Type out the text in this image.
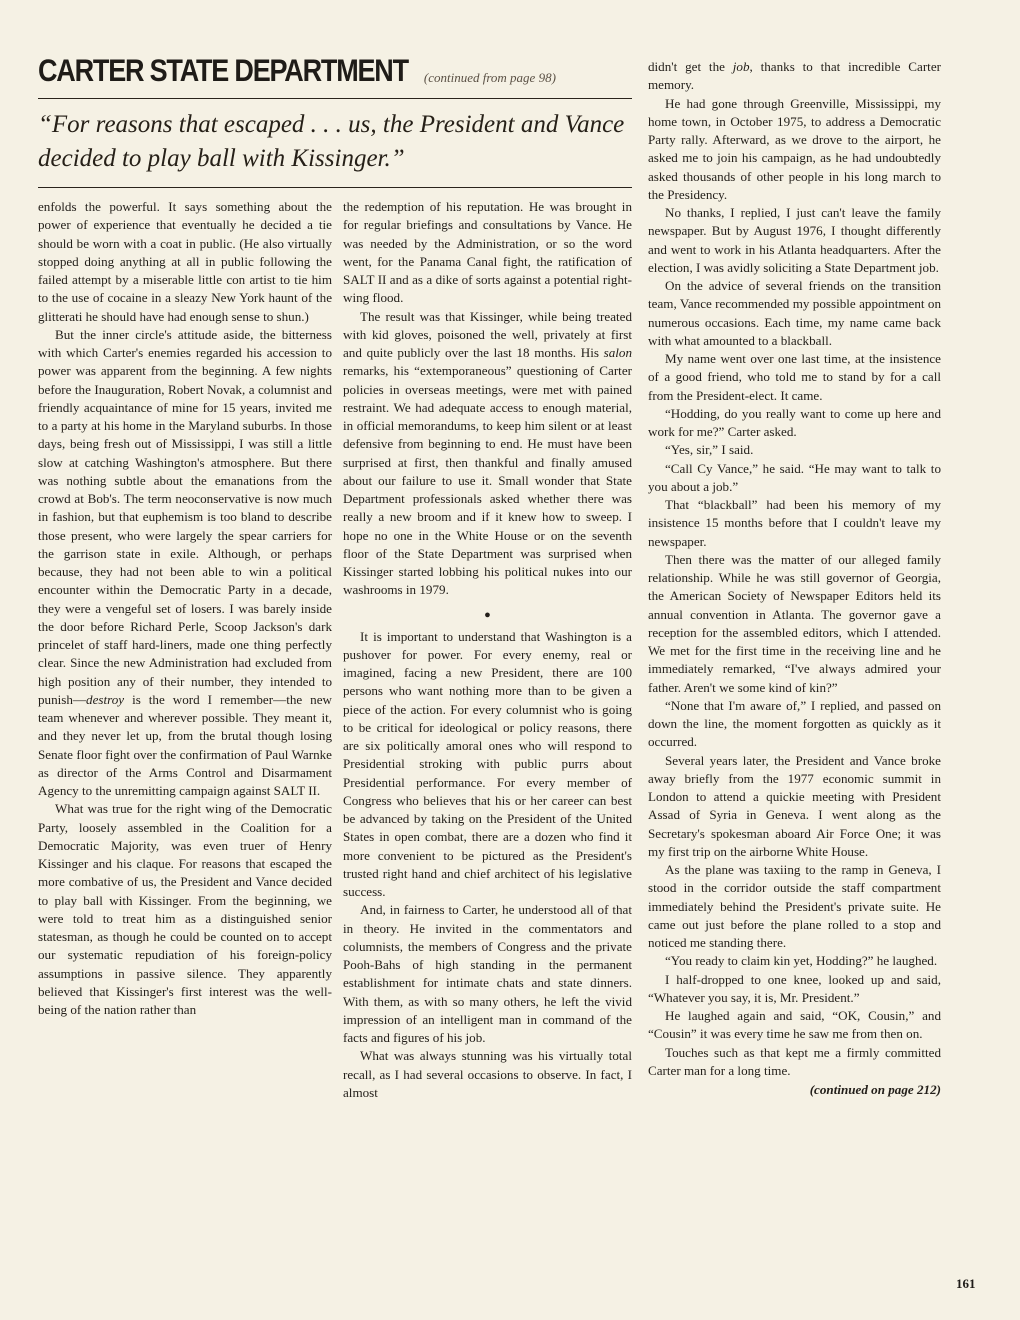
CARTER STATE DEPARTMENT (continued from page 98)
“For reasons that escaped . . . us, the President and Vance decided to play ball with Kissinger.”

enfolds the powerful. It says something about the power of experience that eventually he decided a tie should be worn with a coat in public. (He also virtually stopped doing anything at all in public following the failed attempt by a miserable little con artist to tie him to the use of cocaine in a sleazy New York haunt of the glitterati he should have had enough sense to shun.)

But the inner circle's attitude aside, the bitterness with which Carter's enemies regarded his accession to power was apparent from the beginning. A few nights before the Inauguration, Robert Novak, a columnist and friendly acquaintance of mine for 15 years, invited me to a party at his home in the Maryland suburbs. In those days, being fresh out of Mississippi, I was still a little slow at catching Washington's atmosphere. But there was nothing subtle about the emanations from the crowd at Bob's. The term neoconservative is now much in fashion, but that euphemism is too bland to describe those present, who were largely the spear carriers for the garrison state in exile. Although, or perhaps because, they had not been able to win a political encounter within the Democratic Party in a decade, they were a vengeful set of losers. I was barely inside the door before Richard Perle, Scoop Jackson's dark princelet of staff hard-liners, made one thing perfectly clear. Since the new Administration had excluded from high position any of their number, they intended to punish—destroy is the word I remember—the new team whenever and wherever possible. They meant it, and they never let up, from the brutal though losing Senate floor fight over the confirmation of Paul Warnke as director of the Arms Control and Disarmament Agency to the unremitting campaign against SALT II.

What was true for the right wing of the Democratic Party, loosely assembled in the Coalition for a Democratic Majority, was even truer of Henry Kissinger and his claque. For reasons that escaped the more combative of us, the President and Vance decided to play ball with Kissinger. From the beginning, we were told to treat him as a distinguished senior statesman, as though he could be counted on to accept our systematic repudiation of his foreign-policy assumptions in passive silence. They apparently believed that Kissinger's first interest was the well-being of the nation rather than

the redemption of his reputation. He was brought in for regular briefings and consultations by Vance. He was needed by the Administration, or so the word went, for the Panama Canal fight, the ratification of SALT II and as a dike of sorts against a potential right-wing flood.

The result was that Kissinger, while being treated with kid gloves, poisoned the well, privately at first and quite publicly over the last 18 months. His salon remarks, his “extemporaneous” questioning of Carter policies in overseas meetings, were met with pained restraint. We had adequate access to enough material, in official memorandums, to keep him silent or at least defensive from beginning to end. He must have been surprised at first, then thankful and finally amused about our failure to use it. Small wonder that State Department professionals asked whether there was really a new broom and if it knew how to sweep. I hope no one in the White House or on the seventh floor of the State Department was surprised when Kissinger started lobbing his political nukes into our washrooms in 1979.

●

It is important to understand that Washington is a pushover for power. For every enemy, real or imagined, facing a new President, there are 100 persons who want nothing more than to be given a piece of the action. For every columnist who is going to be critical for ideological or policy reasons, there are six politically amoral ones who will respond to Presidential stroking with public purrs about Presidential performance. For every member of Congress who believes that his or her career can best be advanced by taking on the President of the United States in open combat, there are a dozen who find it more convenient to be pictured as the President's trusted right hand and chief architect of his legislative success.

And, in fairness to Carter, he understood all of that in theory. He invited in the commentators and columnists, the members of Congress and the private Pooh-Bahs of high standing in the permanent establishment for intimate chats and state dinners. With them, as with so many others, he left the vivid impression of an intelligent man in command of the facts and figures of his job.

What was always stunning was his virtually total recall, as I had several occasions to observe. In fact, I almost

didn't get the job, thanks to that incredible Carter memory.

He had gone through Greenville, Mississippi, my home town, in October 1975, to address a Democratic Party rally. Afterward, as we drove to the airport, he asked me to join his campaign, as he had undoubtedly asked thousands of other people in his long march to the Presidency.

No thanks, I replied, I just can't leave the family newspaper. But by August 1976, I thought differently and went to work in his Atlanta headquarters. After the election, I was avidly soliciting a State Department job.

On the advice of several friends on the transition team, Vance recommended my possible appointment on numerous occasions. Each time, my name came back with what amounted to a blackball.

My name went over one last time, at the insistence of a good friend, who told me to stand by for a call from the President-elect. It came.

“Hodding, do you really want to come up here and work for me?” Carter asked.

“Yes, sir,” I said.

“Call Cy Vance,” he said. “He may want to talk to you about a job.”

That “blackball” had been his memory of my insistence 15 months before that I couldn't leave my newspaper.

Then there was the matter of our alleged family relationship. While he was still governor of Georgia, the American Society of Newspaper Editors held its annual convention in Atlanta. The governor gave a reception for the assembled editors, which I attended. We met for the first time in the receiving line and he immediately remarked, “I've always admired your father. Aren't we some kind of kin?”

“None that I'm aware of,” I replied, and passed on down the line, the moment forgotten as quickly as it occurred.

Several years later, the President and Vance broke away briefly from the 1977 economic summit in London to attend a quickie meeting with President Assad of Syria in Geneva. I went along as the Secretary's spokesman aboard Air Force One; it was my first trip on the airborne White House.

As the plane was taxiing to the ramp in Geneva, I stood in the corridor outside the staff compartment immediately behind the President's private suite. He came out just before the plane rolled to a stop and noticed me standing there.

“You ready to claim kin yet, Hodding?” he laughed.

I half-dropped to one knee, looked up and said, “Whatever you say, it is, Mr. President.”

He laughed again and said, “OK, Cousin,” and “Cousin” it was every time he saw me from then on.

Touches such as that kept me a firmly committed Carter man for a long time.

(continued on page 212)
161
